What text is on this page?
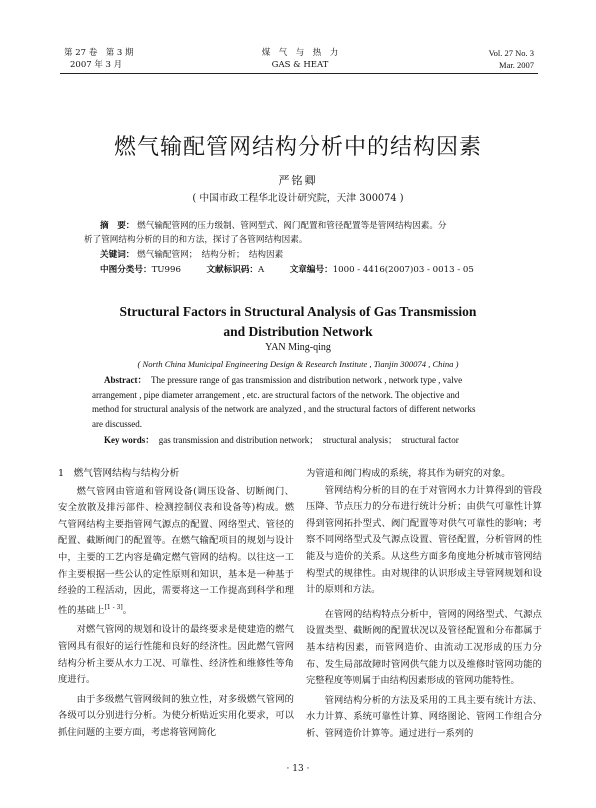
第 27 卷　第 3 期
2007 年 3 月
煤　气　与　热　力
GAS & HEAT
Vol. 27 No. 3
Mar. 2007
燃气输配管网结构分析中的结构因素
严铭卿
( 中国市政工程华北设计研究院，天津 300074 )
摘　要： 燃气输配管网的压力级制、管网型式、阀门配置和管径配置等是管网结构因素。分
析了管网结构分析的目的和方法，探讨了各管网结构因素。
关键词： 燃气输配管网；　结构分析；　结构因素
中图分类号：TU996	文献标识码：A	文章编号：1000 - 4416(2007)03 - 0013 - 05
Structural Factors in Structural Analysis of Gas Transmission
and Distribution Network
YAN Ming-qing
( North China Municipal Engineering Design & Research Institute , Tianjin 300074 , China )
Abstract： The pressure range of gas transmission and distribution network , network type , valve
arrangement , pipe diameter arrangement , etc. are structural factors of the network. The objective and
method for structural analysis of the network are analyzed , and the structural factors of different networks
are discussed.
Key words： gas transmission and distribution network；　structural analysis；　structural factor
1　燃气管网结构与结构分析

燃气管网由管道和管网设备(调压设备、切断阀门、安全放散及排污部件、检测控制仪表和设备等)构成。燃气管网结构主要指管网气源点的配置、网络型式、管径的配置、截断阀门的配置等。在燃气输配项目的规划与设计中，主要的工艺内容是确定燃气管网的结构。以往这一工作主要根据一些公认的定性原则和知识，基本是一种基于经验的工程活动，因此，需要将这一工作提高到科学和理性的基础上[1 - 3]。

对燃气管网的规划和设计的最终要求是使建造的燃气管网具有很好的运行性能和良好的经济性。因此燃气管网结构分析主要从水力工况、可靠性、经济性和维修性等角度进行。

由于多级燃气管网级间的独立性，对多级燃气管网的各级可以分别进行分析。为使分析贴近实用化要求，可以抓住问题的主要方面，考虑将管网简化

为管道和阀门构成的系统，将其作为研究的对象。

管网结构分析的目的在于对管网水力计算得到的管段压降、节点压力的分布进行统计分析；由供气可靠性计算得到管网拓扑型式、阀门配置等对供气可靠性的影响；考察不同网络型式及气源点设置、管径配置，分析管网的性能及与造价的关系。从这些方面多角度地分析城市管网结构型式的规律性。由对规律的认识形成主导管网规划和设计的原则和方法。

在管网的结构特点分析中，管网的网络型式、气源点设置类型、截断阀的配置状况以及管径配置和分布都属于基本结构因素，而管网造价、由流动工况形成的压力分布、发生局部故障时管网供气能力以及维修时管网功能的完整程度等则属于由结构因素形成的管网功能特性。

管网结构分析的方法及采用的工具主要有统计方法、水力计算、系统可靠性计算、网络图论、管网工作组合分析、管网造价计算等。通过进行一系列的

· 13 ·
